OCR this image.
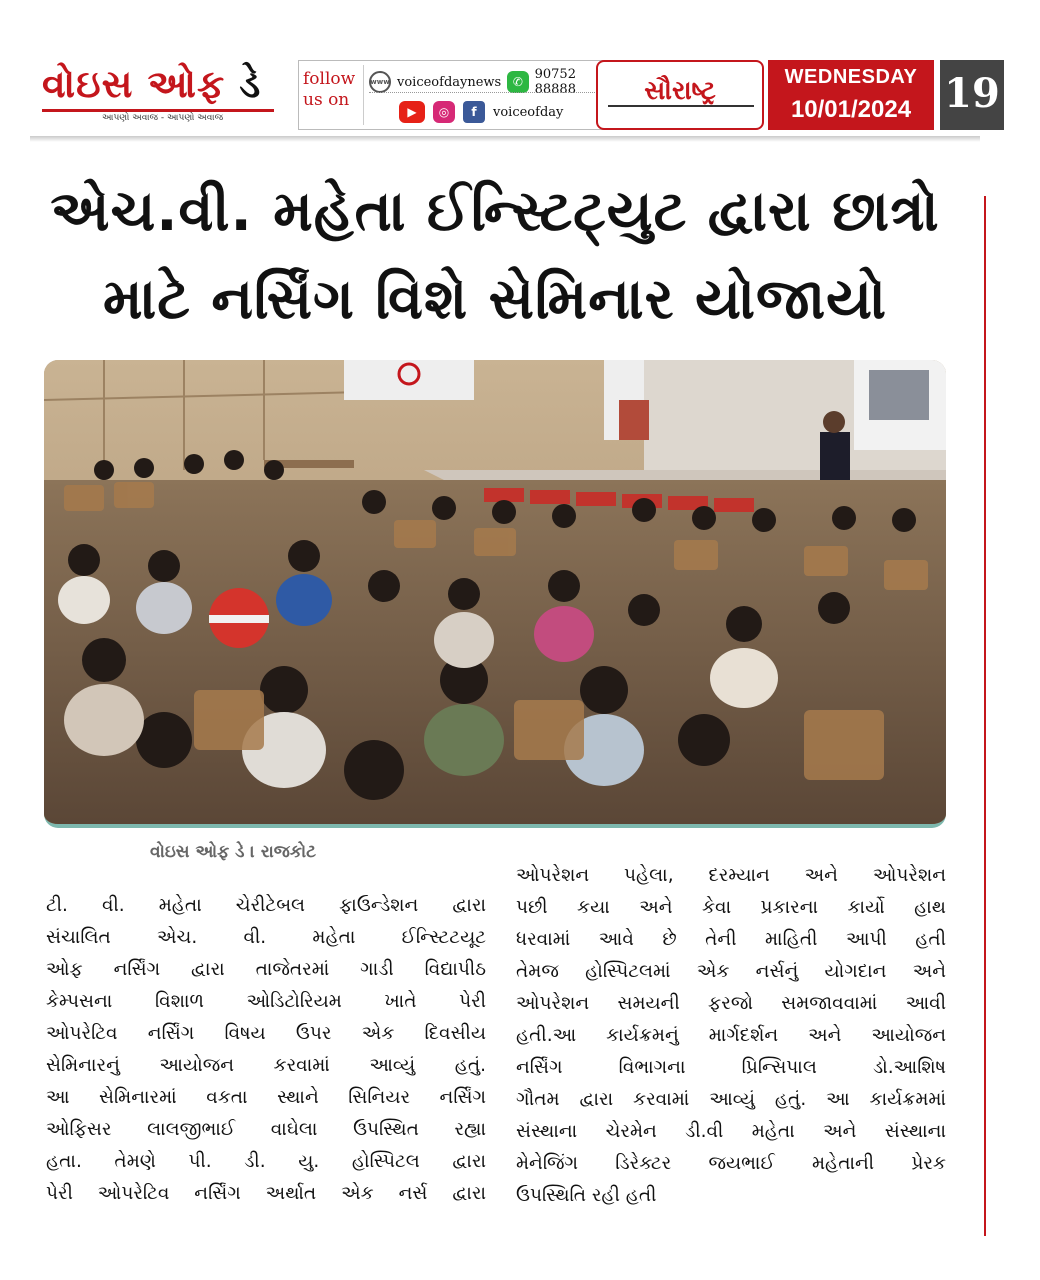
વોઇસ ઓફ ડે
આપણો અવાજ - આપણો અવાજ
follow
us on
www voiceofdaynews ✆ 90752 88888
▶	◎	f	voiceofday
સૌરાષ્ટ્ર	WEDNESDAY
10/01/2024 19
એચ.વી. મહેતા ઈન્સ્ટિટ્યુટ દ્વારા છાત્રો
માટે નર્સિંગ વિશે સેમિનાર યોજાયો
વોઇસ ઓફ ડે । રાજકોટ
ટી. વી. મહેતા ચેરીટેબલ ફાઉન્ડેશન દ્વારા
સંચાલિત એચ. વી. મહેતા ઈન્સ્ટિટયૂટ
ઓફ નર્સિંગ દ્વારા તાજેતરમાં ગાડી વિદ્યાપીઠ
કેમ્પસના વિશાળ ઓડિટોરિયમ ખાતે પેરી
ઓપરેટિવ નર્સિંગ વિષય ઉપર એક દિવસીય
સેમિનારનું આયોજન કરવામાં આવ્યું હતું.
આ સેમિનારમાં વકતા સ્થાને સિનિયર નર્સિંગ
ઓફિસર લાલજીભાઈ વાઘેલા ઉપસ્થિત રહ્યા
હતા. તેમણે પી. ડી. યુ. હોસ્પિટલ દ્વારા
પેરી ઓપરેટિવ નર્સિંગ અર્થાત એક નર્સ દ્વારા
ઓપરેશન પહેલા, દરમ્યાન અને ઓપરેશન
પછી કયા અને કેવા પ્રકારના કાર્યો હાથ
ધરવામાં આવે છે તેની માહિતી આપી હતી
તેમજ હોસ્પિટલમાં એક નર્સનું યોગદાન અને
ઓપરેશન સમયની ફરજો સમજાવવામાં આવી
હતી.આ કાર્યક્રમનું માર્ગદર્શન અને આયોજન
નર્સિંગ વિભાગના પ્રિન્સિપાલ ડો.આશિષ
ગૌતમ દ્વારા કરવામાં આવ્યું હતું. આ કાર્યક્રમમાં
સંસ્થાના ચેરમેન ડી.વી મહેતા અને સંસ્થાના
મેનેજિંગ ડિરેક્ટર જયભાઈ મહેતાની પ્રેરક
ઉપસ્થિતિ રહી હતી
